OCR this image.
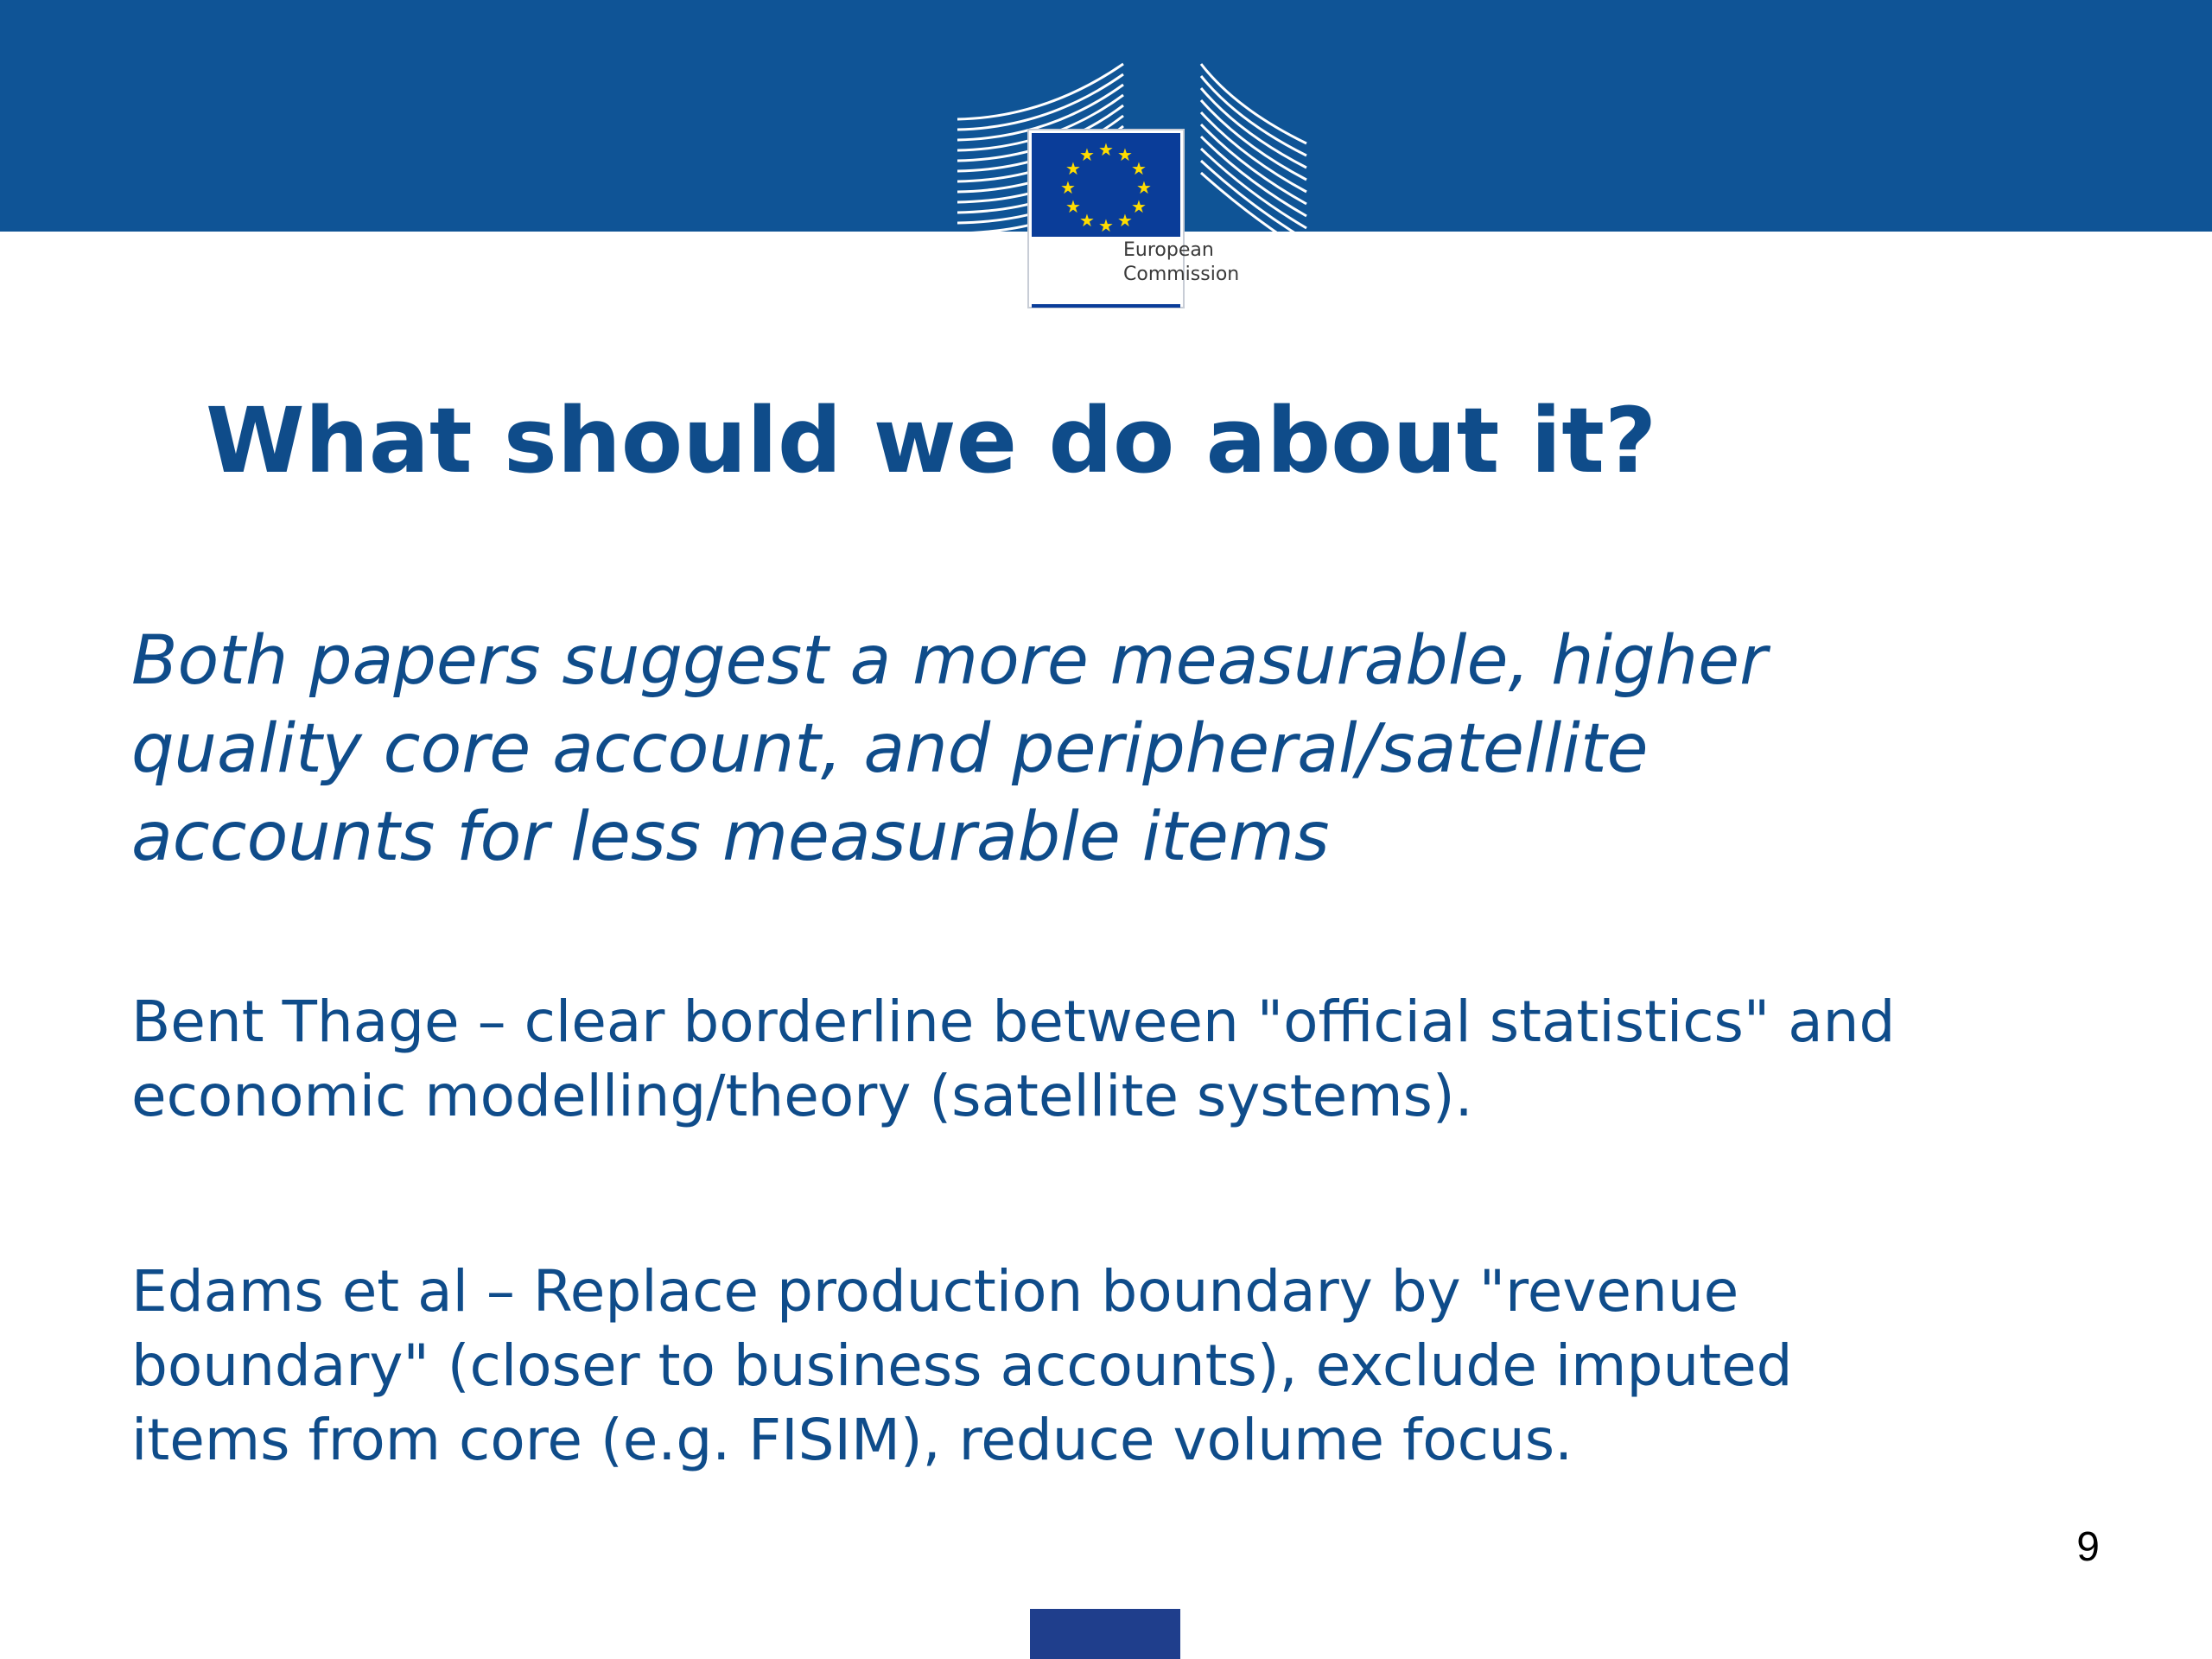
★ ★
★
★
★
★
★
★
★
★
★
★
European
Commission
What should we do about it?
Both papers suggest a more measurable, higher
quality core account, and peripheral/satellite
accounts for less measurable items
Bent Thage – clear borderline between "official statistics" and
economic modelling/theory (satellite systems).
Edams et al – Replace production boundary by "revenue
boundary" (closer to business accounts), exclude imputed
items from core (e.g. FISIM), reduce volume focus.
9
